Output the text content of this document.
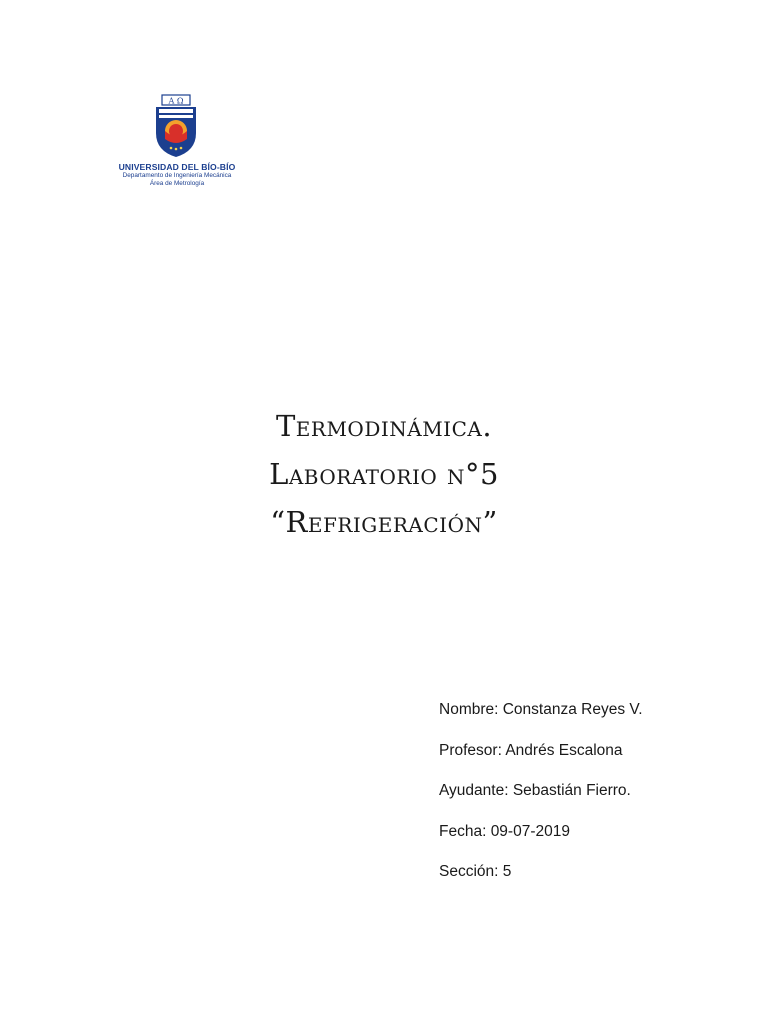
A Ω
UNIVERSIDAD DEL BÍO-BÍO
Departamento de Ingeniería Mecánica
Área de Metrología
Termodinámica.
Laboratorio n°5
“Refrigeración”
Nombre: Constanza Reyes V.
Profesor: Andrés Escalona
Ayudante: Sebastián Fierro.
Fecha: 09-07-2019
Sección: 5
